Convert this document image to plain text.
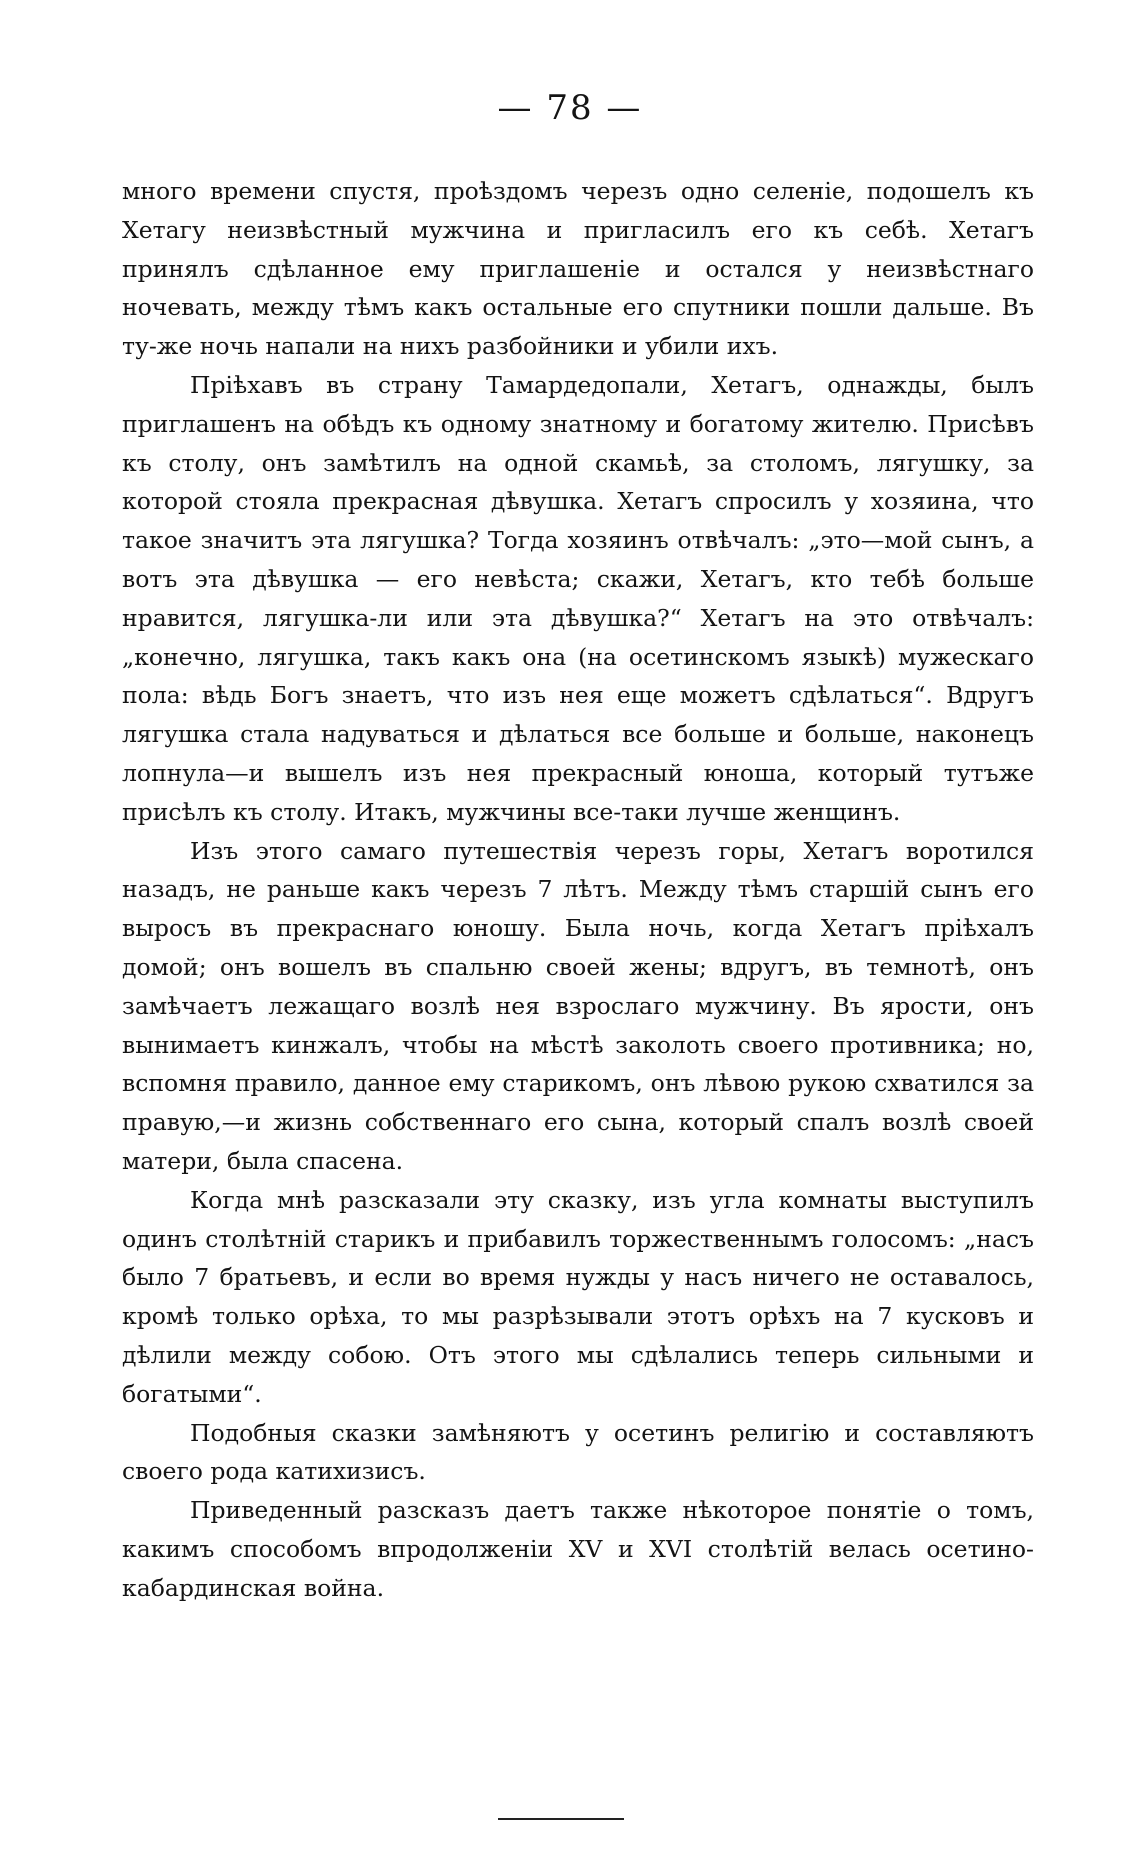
— 78 —

много времени спустя, проѣздомъ черезъ одно селеніе, подошелъ къ Хетагу неизвѣстный мужчина и пригласилъ его къ себѣ. Хетагъ принялъ сдѣланное ему приглашеніе и остался у неизвѣстнаго ночевать, между тѣмъ какъ остальные его спутники пошли дальше. Въ ту-же ночь напали на нихъ разбойники и убили ихъ.

Пріѣхавъ въ страну Тамардедопали, Хетагъ, однажды, былъ приглашенъ на обѣдъ къ одному знатному и богатому жителю. Присѣвъ къ столу, онъ замѣтилъ на одной скамьѣ, за столомъ, лягушку, за которой стояла прекрасная дѣвушка. Хетагъ спросилъ у хозяина, что такое значитъ эта лягушка? Тогда хозяинъ отвѣчалъ: „это—мой сынъ, а вотъ эта дѣвушка — его невѣста; скажи, Хетагъ, кто тебѣ больше нравится, лягушка-ли или эта дѣвушка?“ Хетагъ на это отвѣчалъ: „конечно, лягушка, такъ какъ она (на осетинскомъ языкѣ) мужескаго пола: вѣдь Богъ знаетъ, что изъ нея еще можетъ сдѣлаться“. Вдругъ лягушка стала надуваться и дѣлаться все больше и больше, наконецъ лопнула—и вышелъ изъ нея прекрасный юноша, который тутъже присѣлъ къ столу. Итакъ, мужчины все-таки лучше женщинъ.

Изъ этого самаго путешествія черезъ горы, Хетагъ воротился назадъ, не раньше какъ черезъ 7 лѣтъ. Между тѣмъ старшій сынъ его выросъ въ прекраснаго юношу. Была ночь, когда Хетагъ пріѣхалъ домой; онъ вошелъ въ спальню своей жены; вдругъ, въ темнотѣ, онъ замѣчаетъ лежащаго возлѣ нея взрослаго мужчину. Въ ярости, онъ вынимаетъ кинжалъ, чтобы на мѣстѣ заколоть своего противника; но, вспомня правило, данное ему старикомъ, онъ лѣвою рукою схватился за правую,—и жизнь собственнаго его сына, который спалъ возлѣ своей матери, была спасена.

Когда мнѣ разсказали эту сказку, изъ угла комнаты выступилъ одинъ столѣтній старикъ и прибавилъ торжественнымъ голосомъ: „насъ было 7 братьевъ, и если во время нужды у насъ ничего не оставалось, кромѣ только орѣха, то мы разрѣзывали этотъ орѣхъ на 7 кусковъ и дѣлили между собою. Отъ этого мы сдѣлались теперь сильными и богатыми“.

Подобныя сказки замѣняютъ у осетинъ религію и составляютъ своего рода катихизисъ.

Приведенный разсказъ даетъ также нѣкоторое понятіе о томъ, какимъ способомъ впродолженіи XV и XVI столѣтій велась осетино-кабардинская война.
